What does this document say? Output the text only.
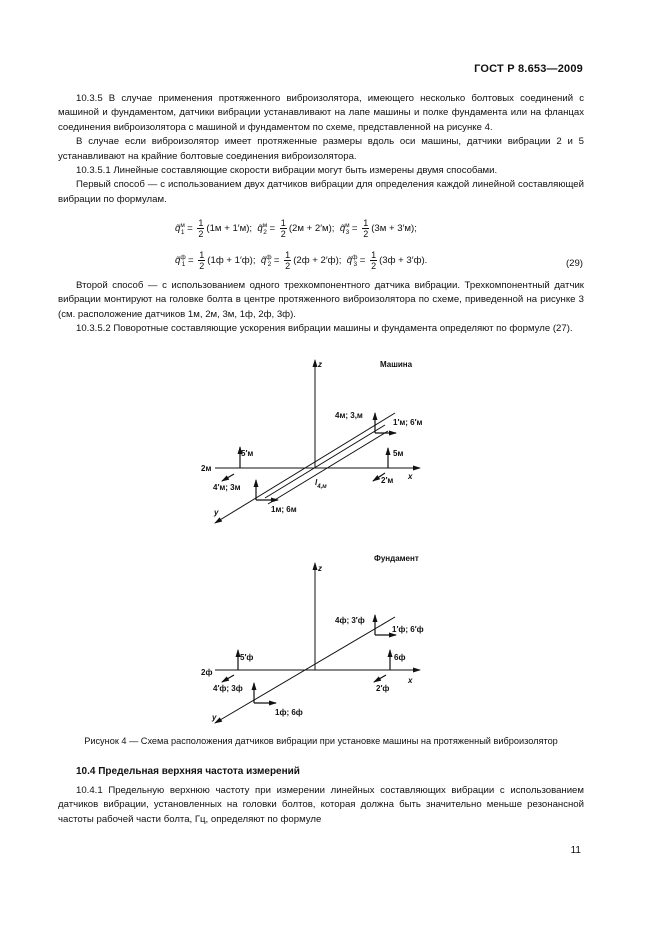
ГОСТ Р 8.653—2009

10.3.5 В случае применения протяженного виброизолятора, имеющего несколько болтовых соединений с машиной и фундаментом, датчики вибрации устанавливают на лапе машины и полке фундамента или на фланцах соединения виброизолятора с машиной и фундаментом по схеме, представленной на рисунке 4.

В случае если виброизолятор имеет протяженные размеры вдоль оси машины, датчики вибрации 2 и 5 устанавливают на крайние болтовые соединения виброизолятора.

10.3.5.1 Линейные составляющие скорости вибрации могут быть измерены двумя способами.

Первый способ — с использованием двух датчиков вибрации для определения каждой линейной составляющей вибрации по формулам.

q̃$^м_1$ = $\frac{1}{2} (1м + 1'м)$; q̃$^м_2$ = $\frac{1}{2} (2м + 2'м)$; q̃$^м_3$ = $\frac{1}{2} (3м + 3'м)$;
q̃$^ф_1$ = $\frac{1}{2} (1ф + 1'ф)$; q̃$^ф_2$ = $\frac{1}{2} (2ф + 2'ф)$; q̃$^ф_3$ = $\frac{1}{2} (3ф + 3'ф)$.	(29)

Второй способ — с использованием одного трехкомпонентного датчика вибрации. Трехкомпонентный датчик вибрации монтируют на головке болта в центре протяженного виброизолятора по схеме, приведенной на рисунке 3 (см. расположение датчиков 1м, 2м, 3м, 1ф, 2ф, 3ф).

10.3.5.2 Поворотные составляющие ускорения вибрации машины и фундамента определяют по формуле (27).

Машина
z
x
y
$l_{4,м}$
4м; 3,м
1′м; 6′м
5′м	5м
2м
4′м; 3м
2′м
1м; 6м
Фундамент
z
x
y
4ф; 3′ф
1′ф; 6′ф
2ф
5′ф	6ф
4′ф; 3ф	2′ф
1ф; 6ф
Рисунок 4 — Схема расположения датчиков вибрации при установке машины на протяженный виброизолятор
10.4 Предельная верхняя частота измерений

10.4.1 Предельную верхнюю частоту при измерении линейных составляющих вибрации с использованием датчиков вибрации, установленных на головки болтов, которая должна быть значительно меньше резонансной частоты рабочей части болта, Гц, определяют по формуле

11
